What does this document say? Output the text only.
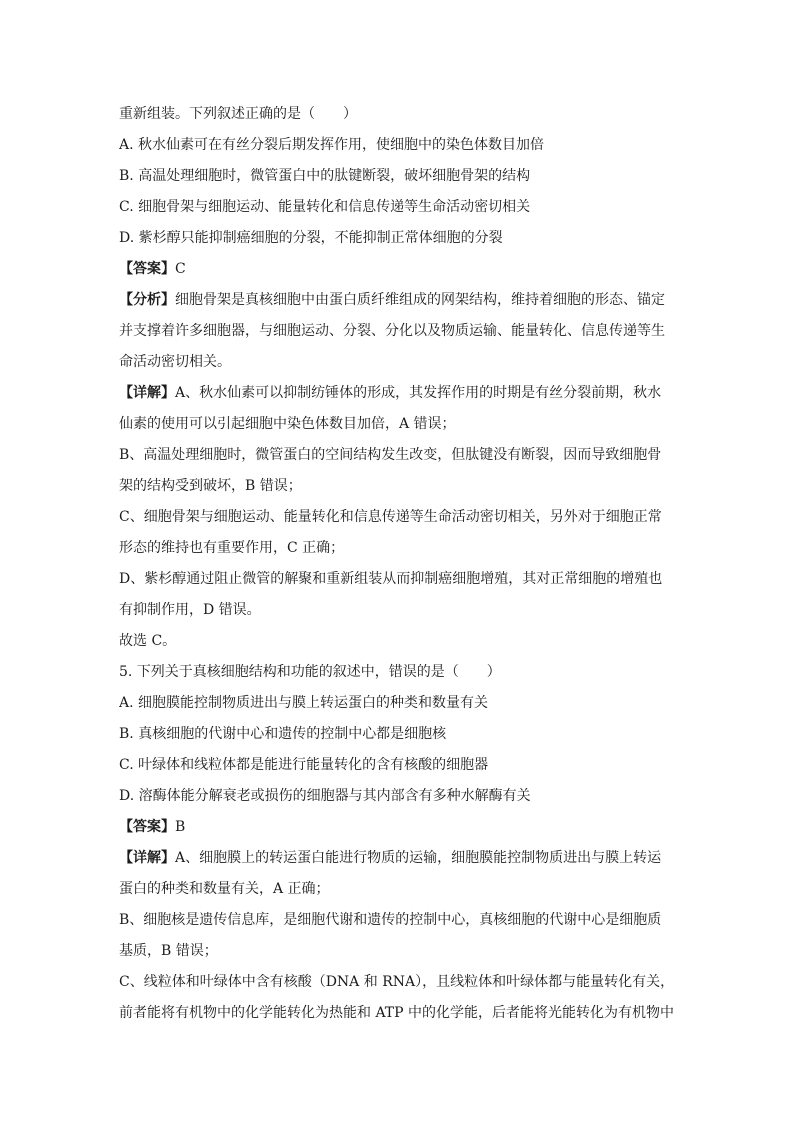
重新组装。下列叙述正确的是（　　）
A. 秋水仙素可在有丝分裂后期发挥作用，使细胞中的染色体数目加倍
B. 高温处理细胞时，微管蛋白中的肽键断裂，破坏细胞骨架的结构
C. 细胞骨架与细胞运动、能量转化和信息传递等生命活动密切相关
D. 紫杉醇只能抑制癌细胞的分裂，不能抑制正常体细胞的分裂
【答案】C
【分析】细胞骨架是真核细胞中由蛋白质纤维组成的网架结构，维持着细胞的形态、锚定
并支撑着许多细胞器，与细胞运动、分裂、分化以及物质运输、能量转化、信息传递等生
命活动密切相关。
【详解】A、秋水仙素可以抑制纺锤体的形成，其发挥作用的时期是有丝分裂前期，秋水
仙素的使用可以引起细胞中染色体数目加倍，A 错误；
B、高温处理细胞时，微管蛋白的空间结构发生改变，但肽键没有断裂，因而导致细胞骨
架的结构受到破坏，B 错误；
C、细胞骨架与细胞运动、能量转化和信息传递等生命活动密切相关，另外对于细胞正常
形态的维持也有重要作用，C 正确；
D、紫杉醇通过阻止微管的解聚和重新组装从而抑制癌细胞增殖，其对正常细胞的增殖也
有抑制作用，D 错误。
故选 C。
5. 下列关于真核细胞结构和功能的叙述中，错误的是（　　）
A. 细胞膜能控制物质进出与膜上转运蛋白的种类和数量有关
B. 真核细胞的代谢中心和遗传的控制中心都是细胞核
C. 叶绿体和线粒体都是能进行能量转化的含有核酸的细胞器
D. 溶酶体能分解衰老或损伤的细胞器与其内部含有多种水解酶有关
【答案】B
【详解】A、细胞膜上的转运蛋白能进行物质的运输，细胞膜能控制物质进出与膜上转运
蛋白的种类和数量有关，A 正确；
B、细胞核是遗传信息库，是细胞代谢和遗传的控制中心，真核细胞的代谢中心是细胞质
基质，B 错误；
C、线粒体和叶绿体中含有核酸（DNA 和 RNA），且线粒体和叶绿体都与能量转化有关，
前者能将有机物中的化学能转化为热能和 ATP 中的化学能，后者能将光能转化为有机物中
